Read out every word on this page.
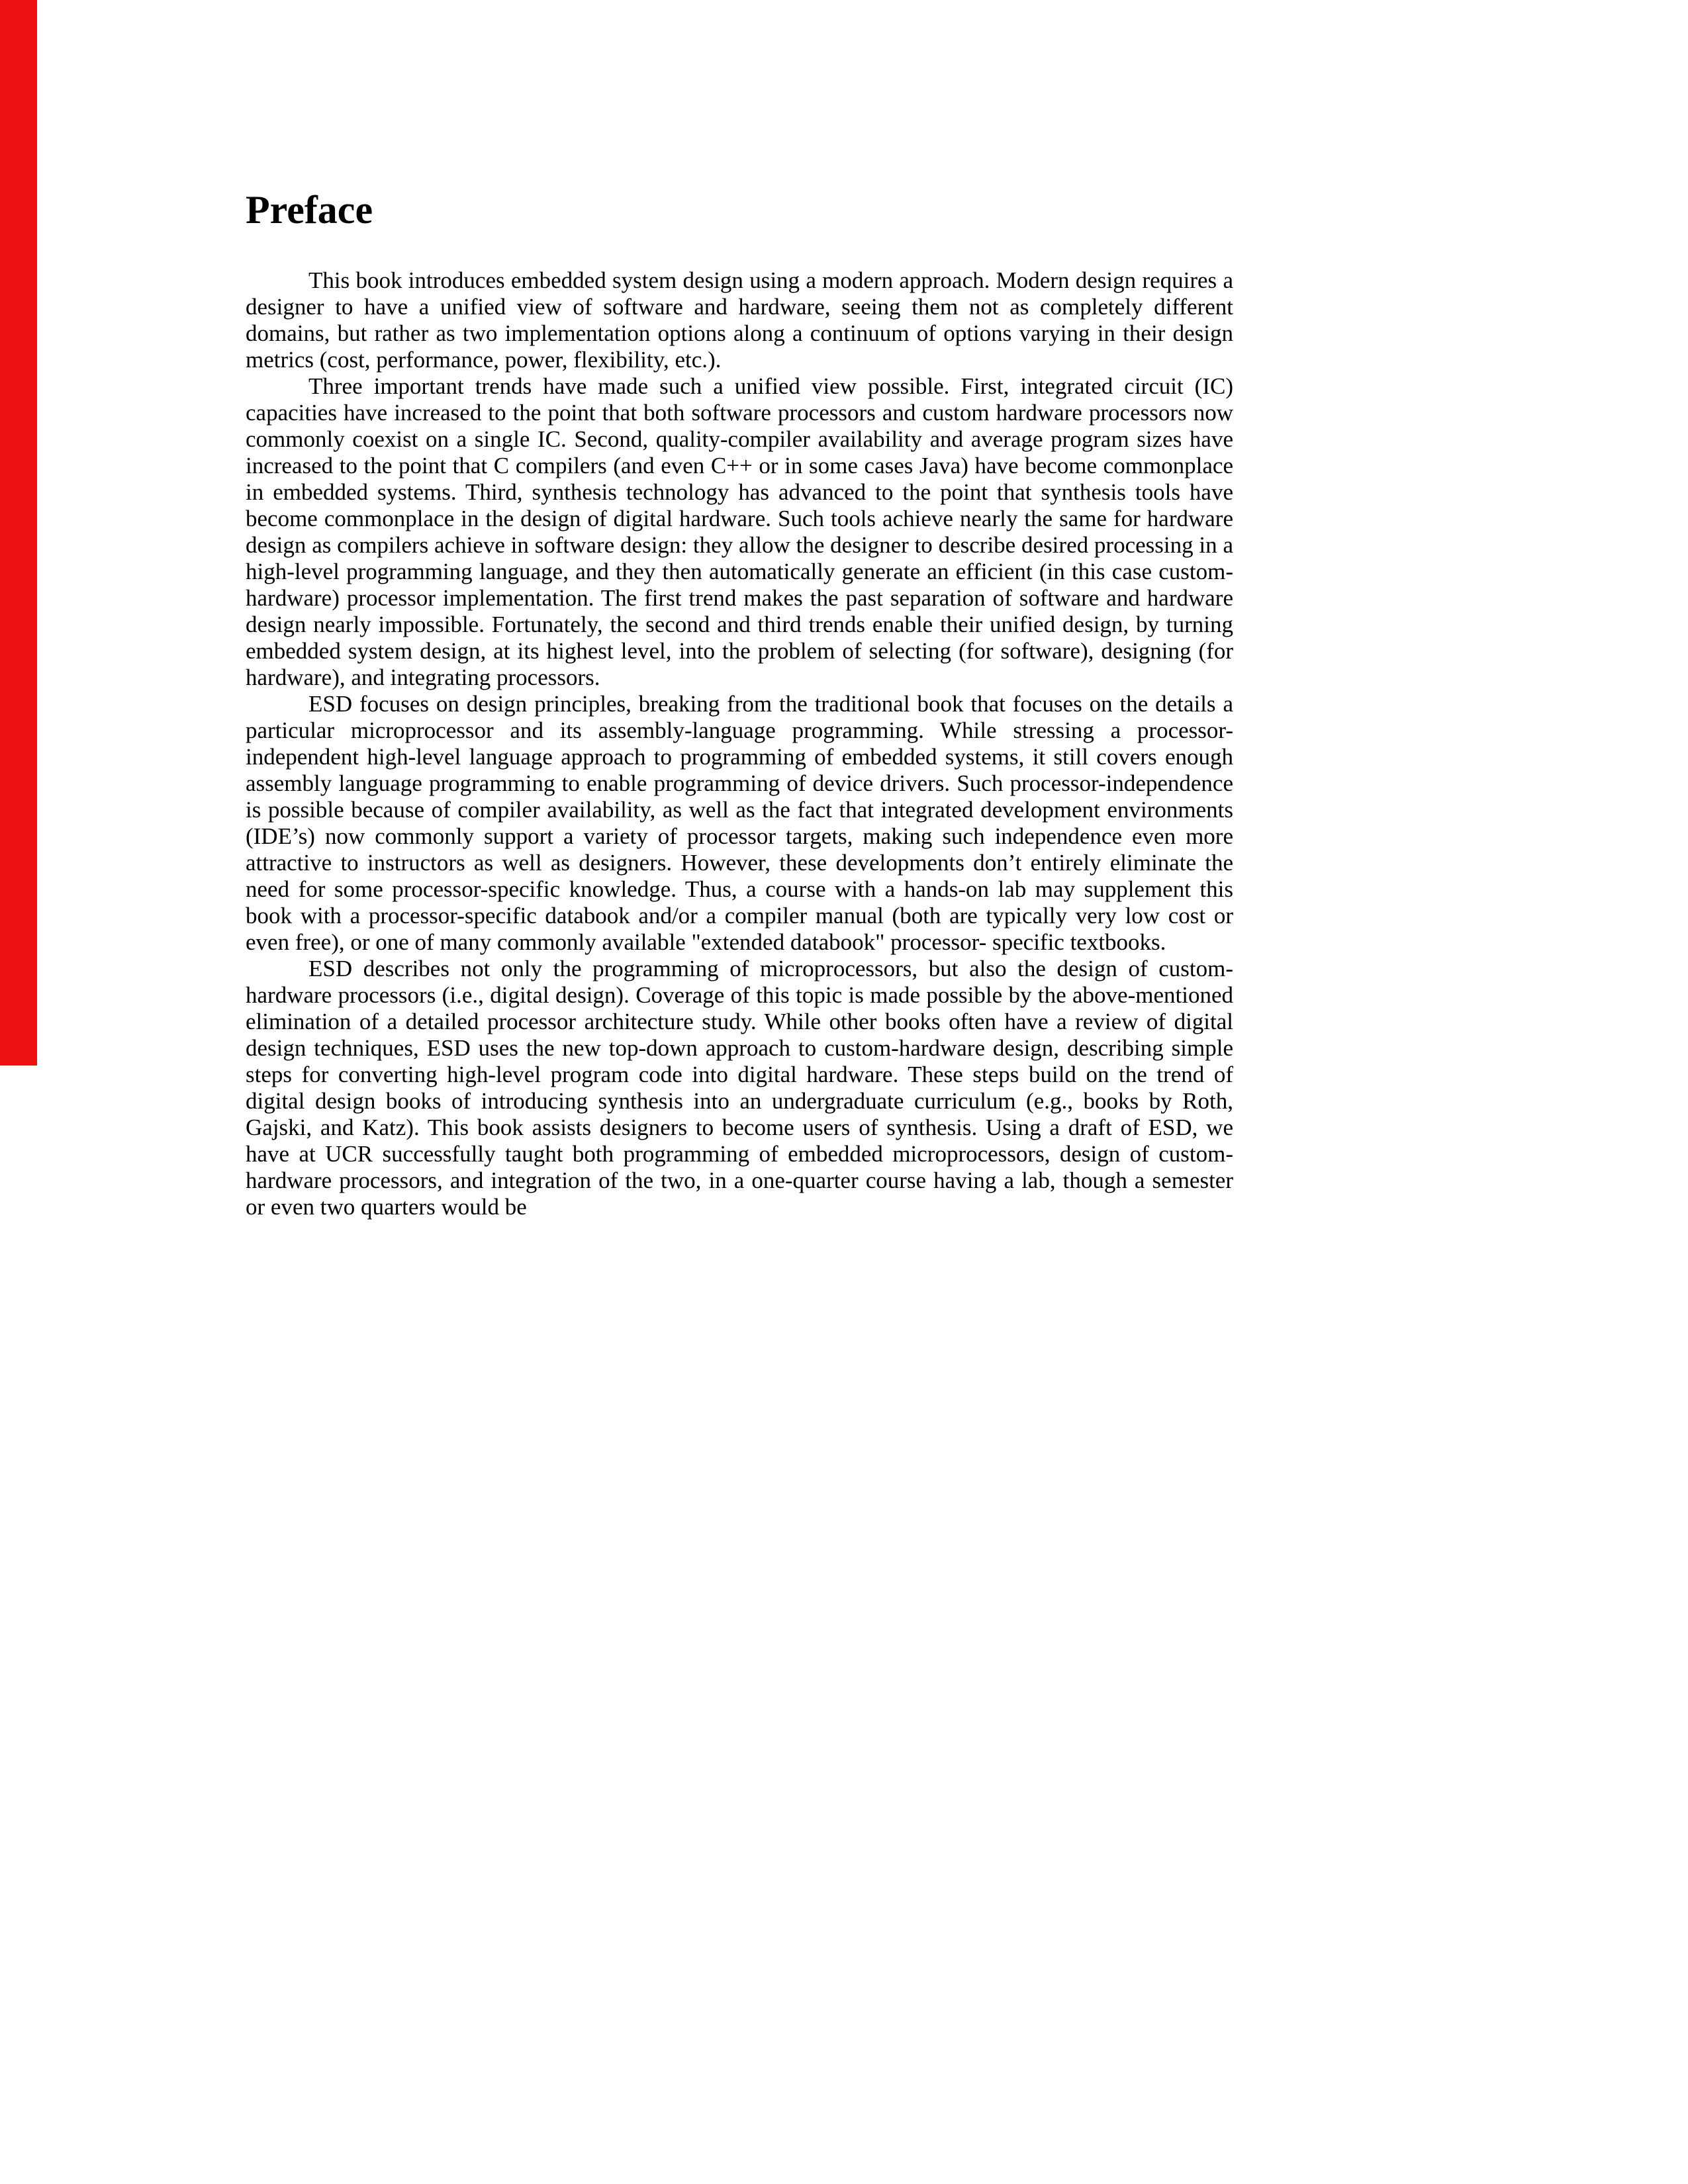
Preface

This book introduces embedded system design using a modern approach. Modern design requires a designer to have a unified view of software and hardware, seeing them not as completely different domains, but rather as two implementation options along a continuum of options varying in their design metrics (cost, performance, power, flexibility, etc.).

Three important trends have made such a unified view possible. First, integrated circuit (IC) capacities have increased to the point that both software processors and custom hardware processors now commonly coexist on a single IC. Second, quality-compiler availability and average program sizes have increased to the point that C compilers (and even C++ or in some cases Java) have become commonplace in embedded systems. Third, synthesis technology has advanced to the point that synthesis tools have become commonplace in the design of digital hardware. Such tools achieve nearly the same for hardware design as compilers achieve in software design: they allow the designer to describe desired processing in a high-level programming language, and they then automatically generate an efficient (in this case custom-hardware) processor implementation. The first trend makes the past separation of software and hardware design nearly impossible. Fortunately, the second and third trends enable their unified design, by turning embedded system design, at its highest level, into the problem of selecting (for software), designing (for hardware), and integrating processors.

ESD focuses on design principles, breaking from the traditional book that focuses on the details a particular microprocessor and its assembly-language programming. While stressing a processor-independent high-level language approach to programming of embedded systems, it still covers enough assembly language programming to enable programming of device drivers. Such processor-independence is possible because of compiler availability, as well as the fact that integrated development environments (IDE’s) now commonly support a variety of processor targets, making such independence even more attractive to instructors as well as designers. However, these developments don’t entirely eliminate the need for some processor-specific knowledge. Thus, a course with a hands-on lab may supplement this book with a processor-specific databook and/or a compiler manual (both are typically very low cost or even free), or one of many commonly available "extended databook" processor- specific textbooks.

ESD describes not only the programming of microprocessors, but also the design of custom-hardware processors (i.e., digital design). Coverage of this topic is made possible by the above-mentioned elimination of a detailed processor architecture study. While other books often have a review of digital design techniques, ESD uses the new top-down approach to custom-hardware design, describing simple steps for converting high-level program code into digital hardware. These steps build on the trend of digital design books of introducing synthesis into an undergraduate curriculum (e.g., books by Roth, Gajski, and Katz). This book assists designers to become users of synthesis. Using a draft of ESD, we have at UCR successfully taught both programming of embedded microprocessors, design of custom-hardware processors, and integration of the two, in a one-quarter course having a lab, though a semester or even two quarters would be
